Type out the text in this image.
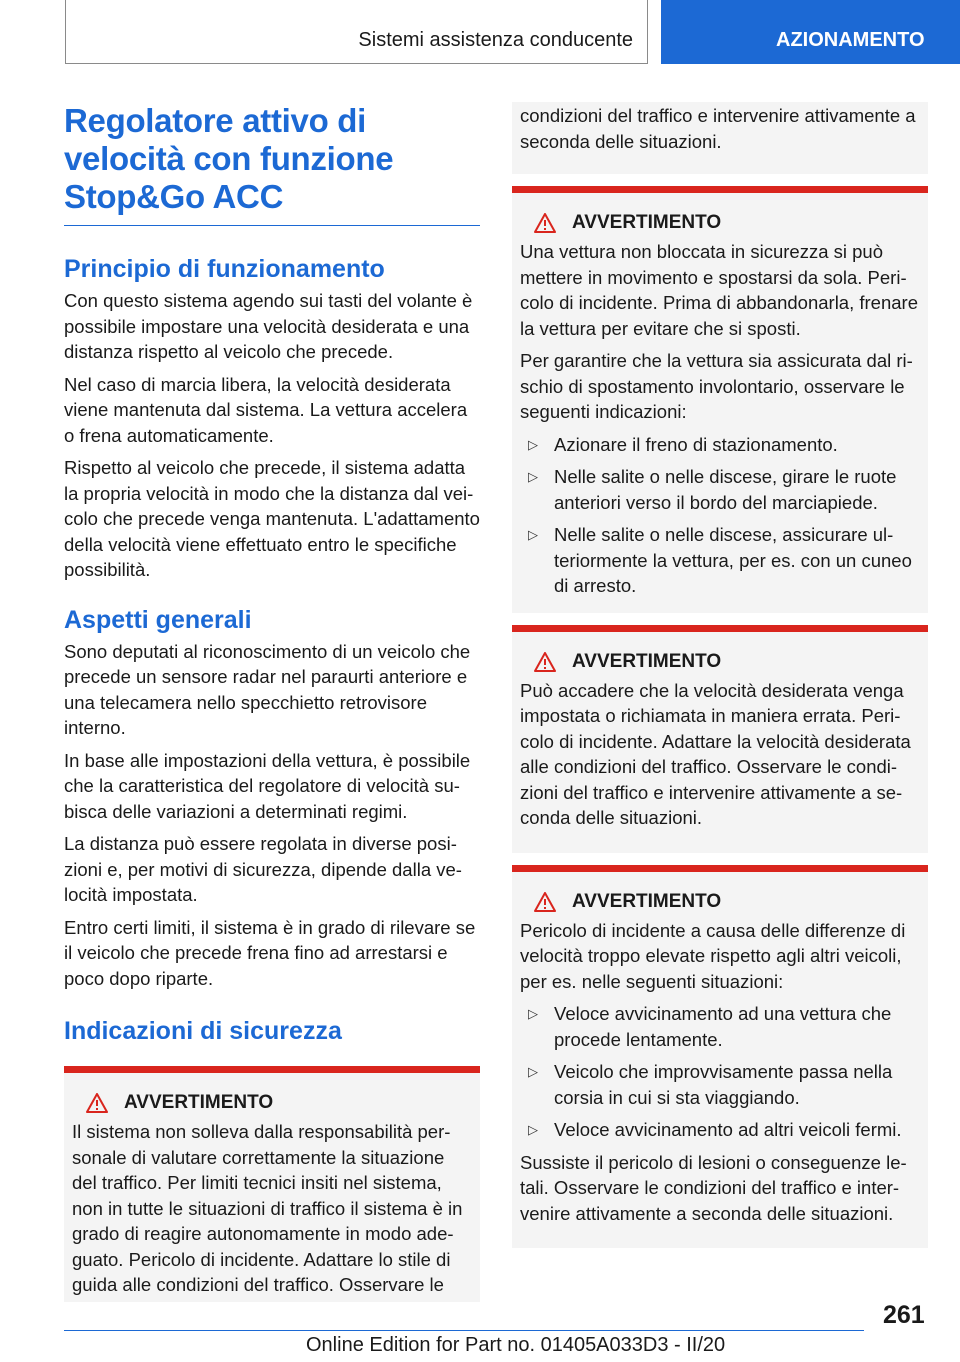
Sistemi assistenza conducente	AZIONAMENTO
Regolatore attivo di velocità con funzione Stop&Go ACC
Principio di funzionamento

Con questo sistema agendo sui tasti del volante è possibile impostare una velocità desiderata e una distanza rispetto al veicolo che precede.

Nel caso di marcia libera, la velocità desiderata viene mantenuta dal sistema. La vettura accelera o frena automaticamente.

Rispetto al veicolo che precede, il sistema adatta la propria velocità in modo che la distanza dal veicolo che precede venga mantenuta. L'adattamento della velocità viene effettuato entro le specifiche possibilità.

Aspetti generali

Sono deputati al riconoscimento di un veicolo che precede un sensore radar nel paraurti anteriore e una telecamera nello specchietto retrovisore interno.

In base alle impostazioni della vettura, è possibile che la caratteristica del regolatore di velocità subisca delle variazioni a determinati regimi.

La distanza può essere regolata in diverse posizioni e, per motivi di sicurezza, dipende dalla velocità impostata.

Entro certi limiti, il sistema è in grado di rilevare se il veicolo che precede frena fino ad arrestarsi e poco dopo riparte.

Indicazioni di sicurezza
AVVERTIMENTO

Il sistema non solleva dalla responsabilità personale di valutare correttamente la situazione del traffico. Per limiti tecnici insiti nel sistema, non in tutte le situazioni di traffico il sistema è in grado di reagire autonomamente in modo adeguato. Pericolo di incidente. Adattare lo stile di guida alle condizioni del traffico. Osservare le

condizioni del traffico e intervenire attivamente a seconda delle situazioni.

AVVERTIMENTO

Una vettura non bloccata in sicurezza si può mettere in movimento e spostarsi da sola. Pericolo di incidente. Prima di abbandonarla, frenare la vettura per evitare che si sposti.

Per garantire che la vettura sia assicurata dal rischio di spostamento involontario, osservare le seguenti indicazioni:

▷ Azionare il freno di stazionamento.
▷ Nelle salite o nelle discese, girare le ruote anteriori verso il bordo del marciapiede.
▷ Nelle salite o nelle discese, assicurare ulteriormente la vettura, per es. con un cuneo di arresto.
AVVERTIMENTO

Può accadere che la velocità desiderata venga impostata o richiamata in maniera errata. Pericolo di incidente. Adattare la velocità desiderata alle condizioni del traffico. Osservare le condizioni del traffico e intervenire attivamente a seconda delle situazioni.

AVVERTIMENTO

Pericolo di incidente a causa delle differenze di velocità troppo elevate rispetto agli altri veicoli, per es. nelle seguenti situazioni:

▷ Veloce avvicinamento ad una vettura che procede lentamente.
▷ Veicolo che improvvisamente passa nella corsia in cui si sta viaggiando.
▷ Veloce avvicinamento ad altri veicoli fermi.

Sussiste il pericolo di lesioni o conseguenze letali. Osservare le condizioni del traffico e intervenire attivamente a seconda delle situazioni.

261
Online Edition for Part no. 01405A033D3 - II/20
